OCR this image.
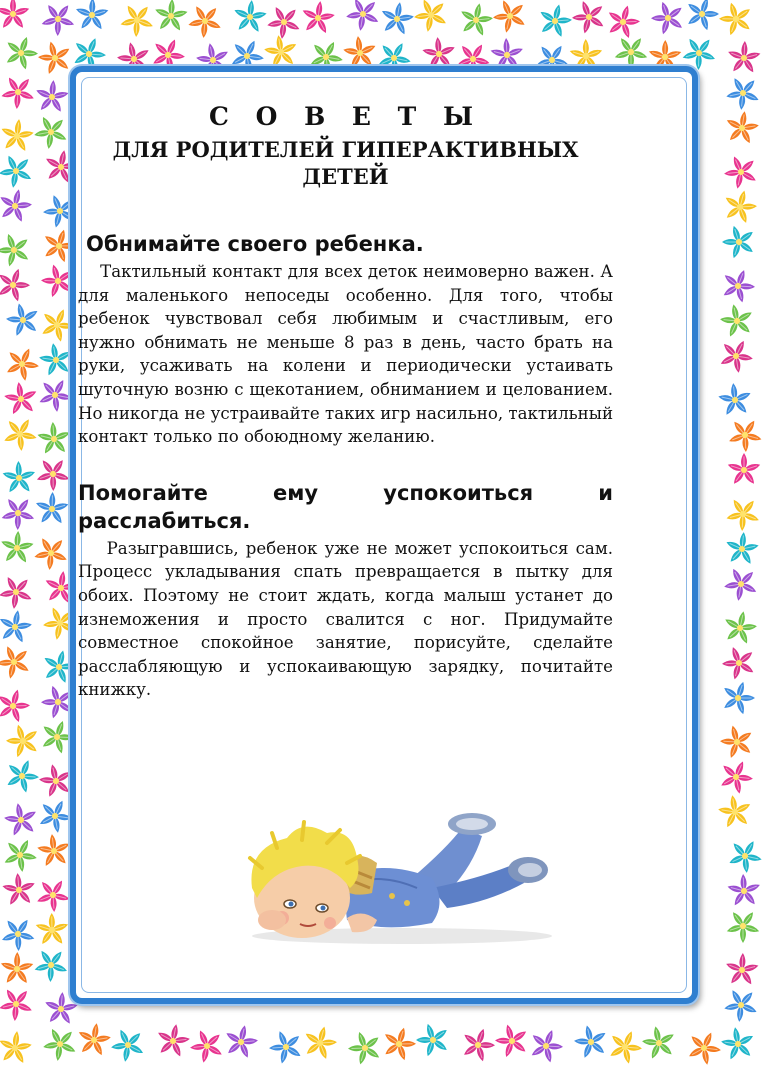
С О В Е Т Ы
ДЛЯ РОДИТЕЛЕЙ ГИПЕРАКТИВНЫХ
ДЕТЕЙ
Обнимайте своего ребенка.

Тактильный контакт для всех деток неимоверно важен. А для маленького непоседы особенно. Для того, чтобы ребенок чувствовал себя любимым и счастливым, его нужно обнимать не меньше 8 раз в день, часто брать на руки, усаживать на колени и периодически устаивать шуточную возню с щекотанием, обниманием и целованием. Но никогда не устраивайте таких игр насильно, тактильный контакт только по обоюдному желанию.

Помогайте ему успокоиться и
расслабиться.

Разыгравшись, ребенок уже не может успокоиться сам. Процесс укладывания спать превращается в пытку для обоих. Поэтому не стоит ждать, когда малыш устанет до изнеможения и просто свалится с ног. Придумайте совместное спокойное занятие, порисуйте, сделайте расслабляющую и успокаивающую зарядку, почитайте книжку.
